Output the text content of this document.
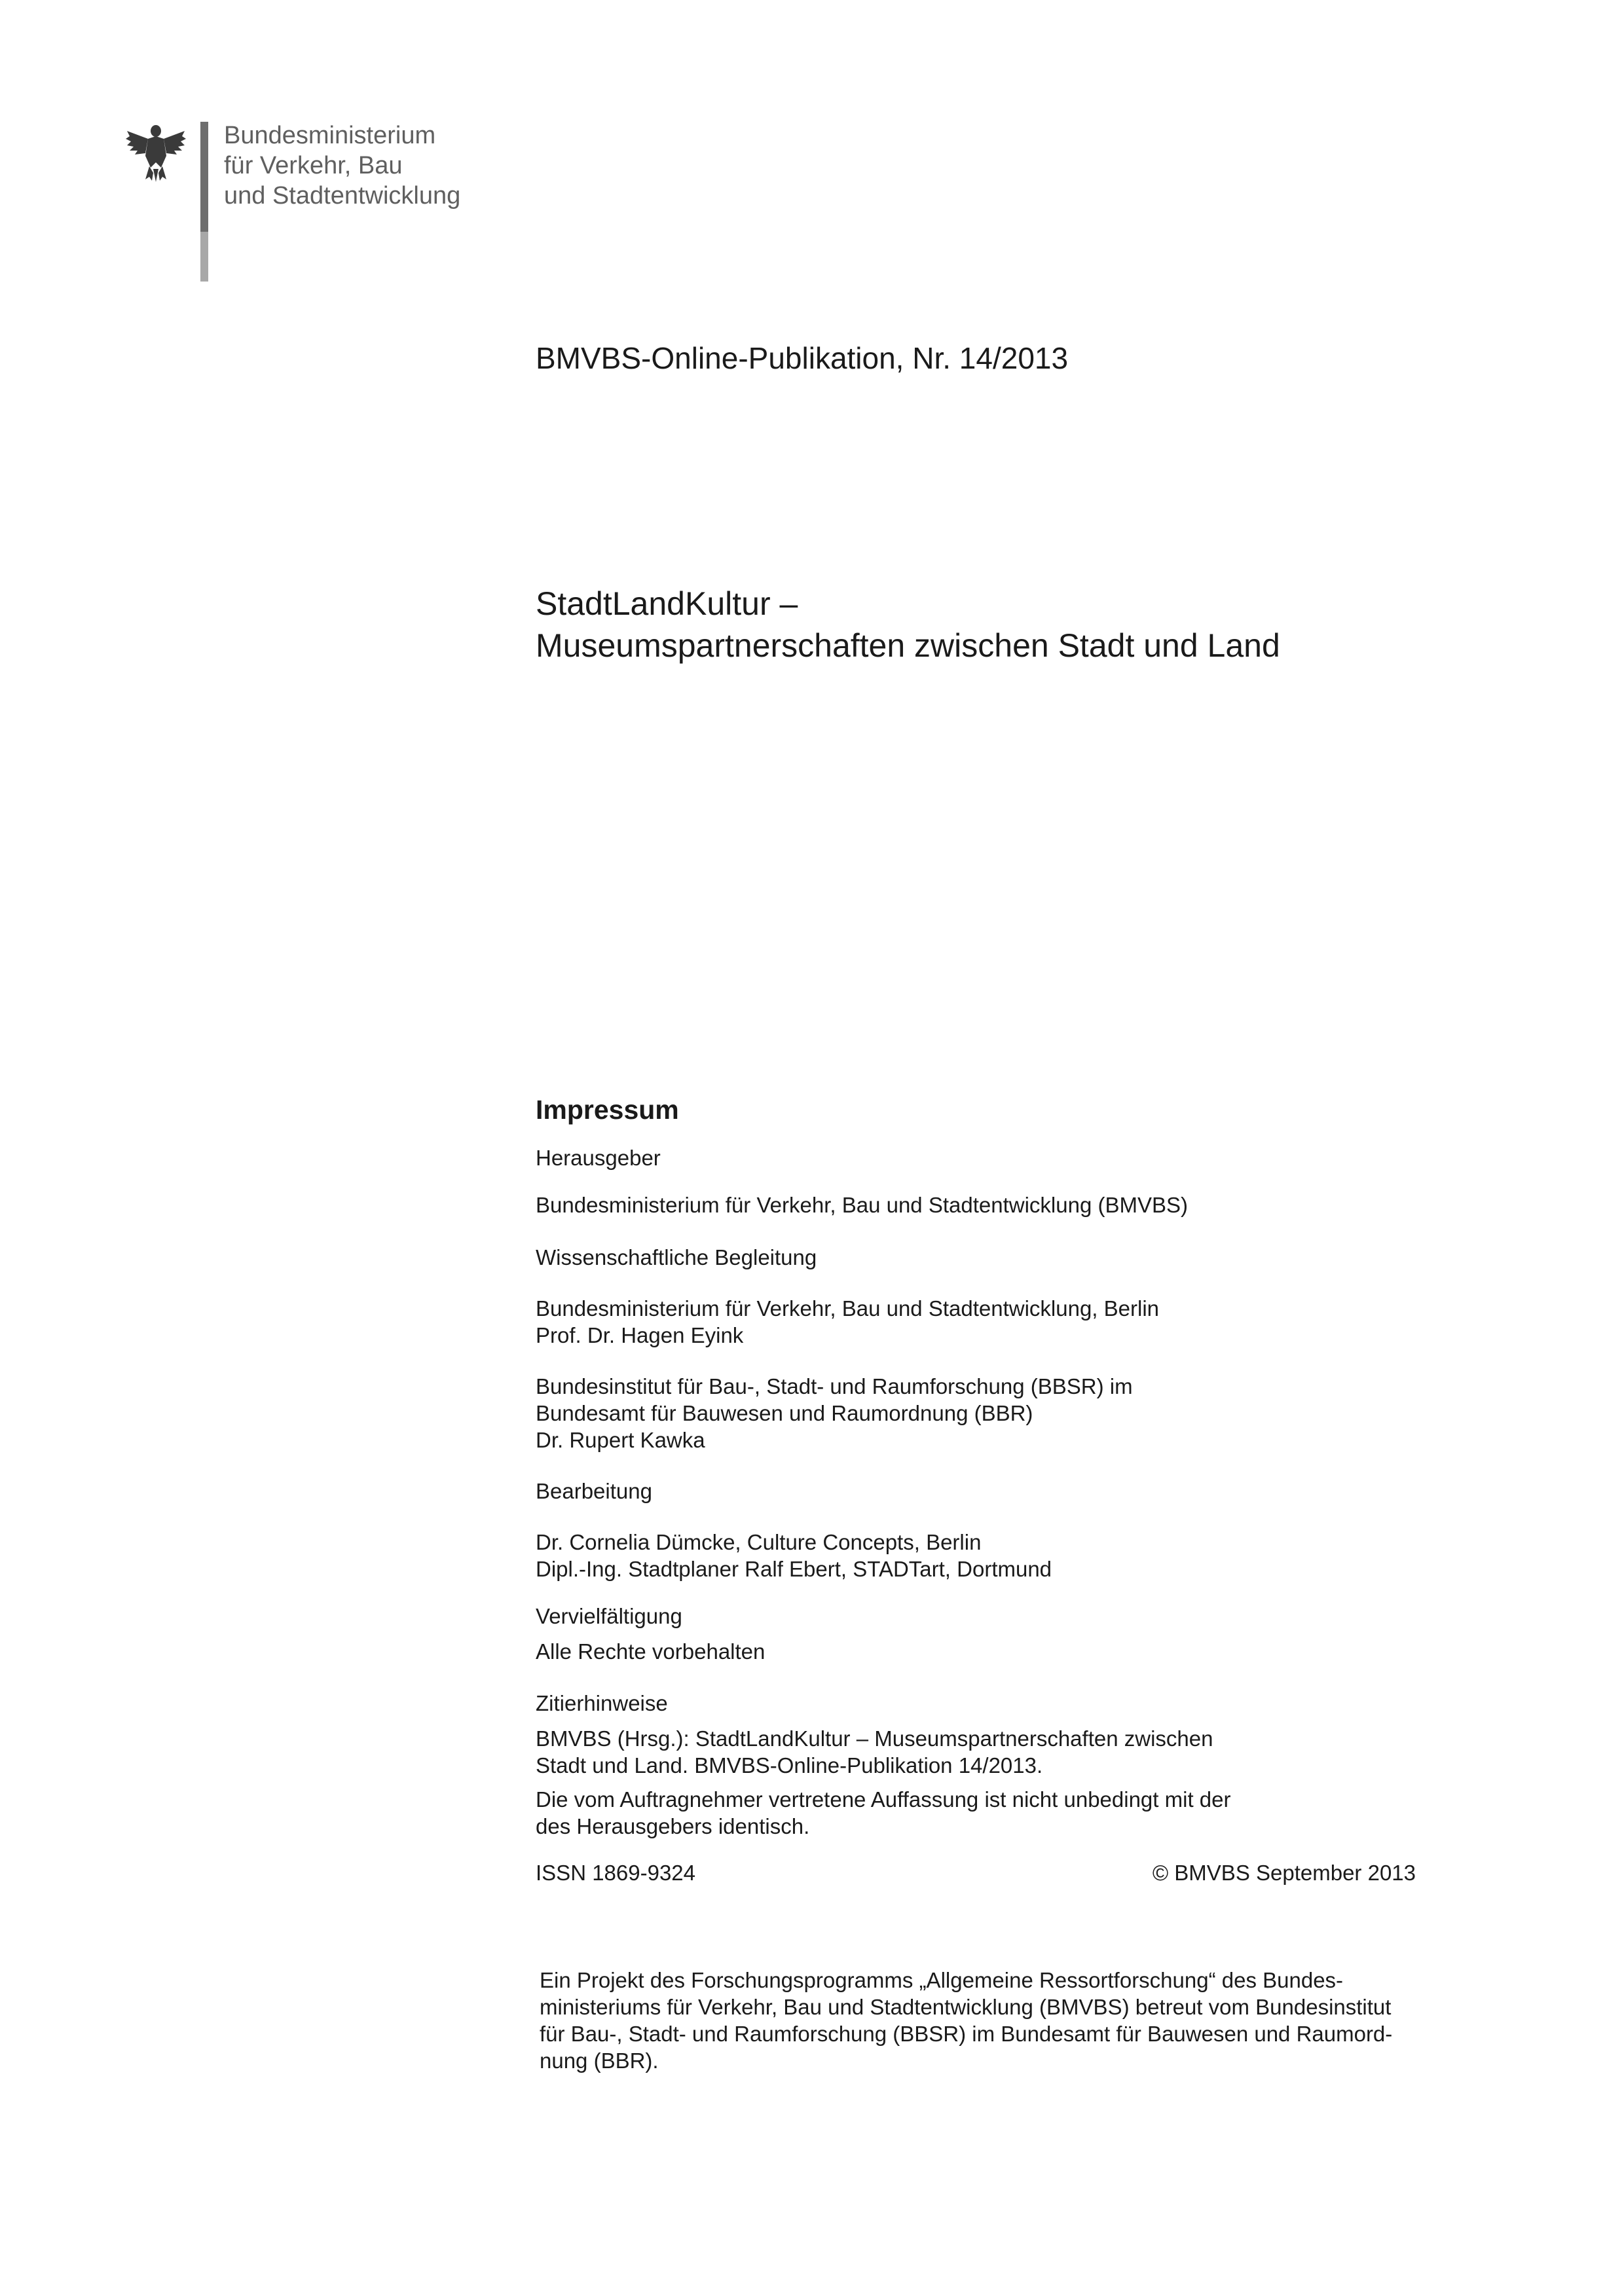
Bundesministerium
für Verkehr, Bau
und Stadtentwicklung
BMVBS-Online-Publikation, Nr. 14/2013
StadtLandKultur –
Museumspartnerschaften zwischen Stadt und Land
Impressum
Herausgeber
Bundesministerium für Verkehr, Bau und Stadtentwicklung (BMVBS)
Wissenschaftliche Begleitung
Bundesministerium für Verkehr, Bau und Stadtentwicklung, Berlin
Prof. Dr. Hagen Eyink
Bundesinstitut für Bau-, Stadt- und Raumforschung (BBSR) im
Bundesamt für Bauwesen und Raumordnung (BBR)
Dr. Rupert Kawka
Bearbeitung
Dr. Cornelia Dümcke, Culture Concepts, Berlin
Dipl.-Ing. Stadtplaner Ralf Ebert, STADTart, Dortmund
Vervielfältigung
Alle Rechte vorbehalten
Zitierhinweise
BMVBS (Hrsg.): StadtLandKultur – Museumspartnerschaften zwischen
Stadt und Land. BMVBS-Online-Publikation 14/2013.
Die vom Auftragnehmer vertretene Auffassung ist nicht unbedingt mit der
des Herausgebers identisch.
ISSN 1869-9324	© BMVBS September 2013
Ein Projekt des Forschungsprogramms „Allgemeine Ressortforschung“ des Bundes-
ministeriums für Verkehr, Bau und Stadtentwicklung (BMVBS) betreut vom Bundesinstitut
für Bau-, Stadt- und Raumforschung (BBSR) im Bundesamt für Bauwesen und Raumord-
nung (BBR).
